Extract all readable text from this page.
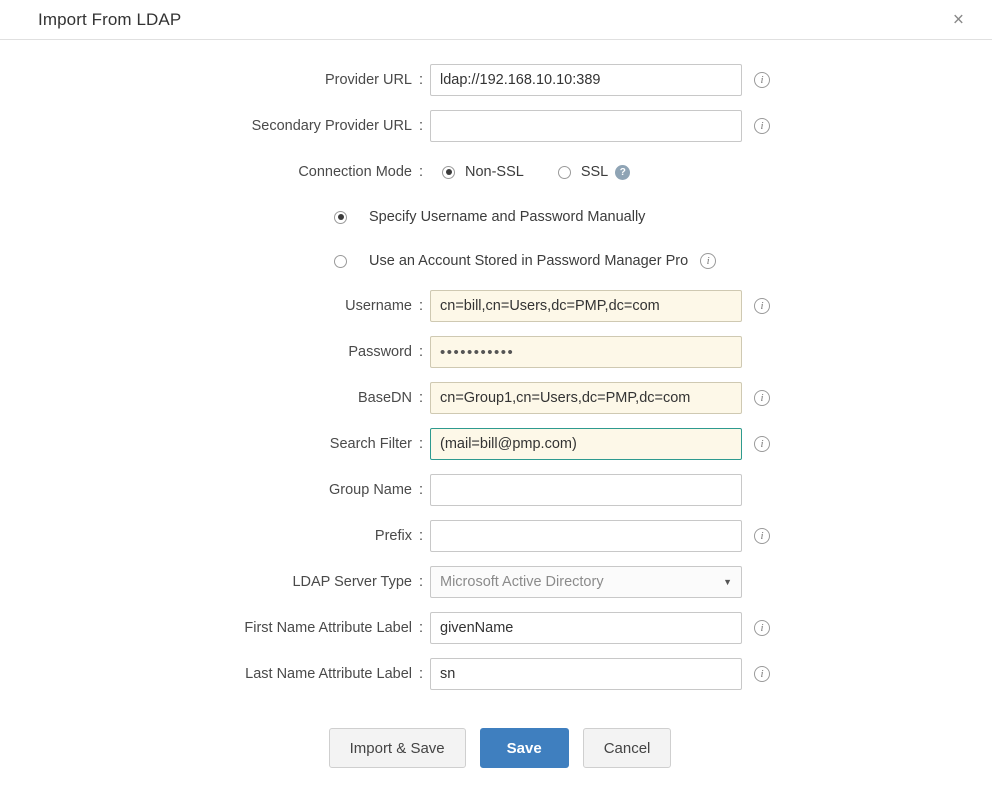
Import From LDAP	×
Provider URL :
ldap://192.168.10.10:389	i
Secondary Provider URL :	i
Connection Mode :	Non-SSL	SSL	?
Specify Username and Password Manually
Use an Account Stored in Password Manager Pro	i
Username :
cn=bill,cn=Users,dc=PMP,dc=com	i
Password :	•••••••••••
BaseDN :
cn=Group1,cn=Users,dc=PMP,dc=com	i
Search Filter :
(mail=bill@pmp.com)	i
Group Name :
Prefix :	i
LDAP Server Type :	Microsoft Active Directory	▼
First Name Attribute Label :
givenName	i
Last Name Attribute Label :
sn	i
Import & Save	Save	Cancel
